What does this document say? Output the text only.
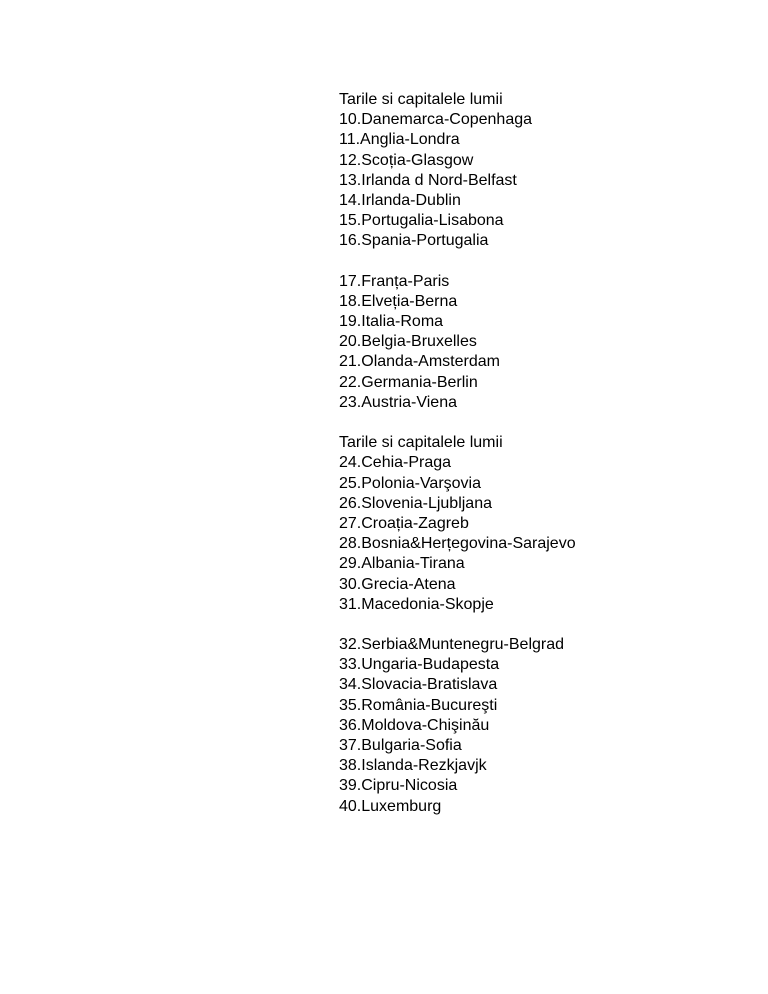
Tarile si capitalele lumii

10.Danemarca-Copenhaga

11.Anglia-Londra

12.Scoția-Glasgow

13.Irlanda d Nord-Belfast

14.Irlanda-Dublin

15.Portugalia-Lisabona

16.Spania-Portugalia

17.Franța-Paris

18.Elveția-Berna

19.Italia-Roma

20.Belgia-Bruxelles

21.Olanda-Amsterdam

22.Germania-Berlin

23.Austria-Viena

Tarile si capitalele lumii

24.Cehia-Praga

25.Polonia-Varşovia

26.Slovenia-Ljubljana

27.Croația-Zagreb

28.Bosnia&Herțegovina-Sarajevo

29.Albania-Tirana

30.Grecia-Atena

31.Macedonia-Skopje

32.Serbia&Muntenegru-Belgrad

33.Ungaria-Budapesta

34.Slovacia-Bratislava

35.România-Bucureşti

36.Moldova-Chişinău

37.Bulgaria-Sofia

38.Islanda-Rezkjavjk

39.Cipru-Nicosia

40.Luxemburg
